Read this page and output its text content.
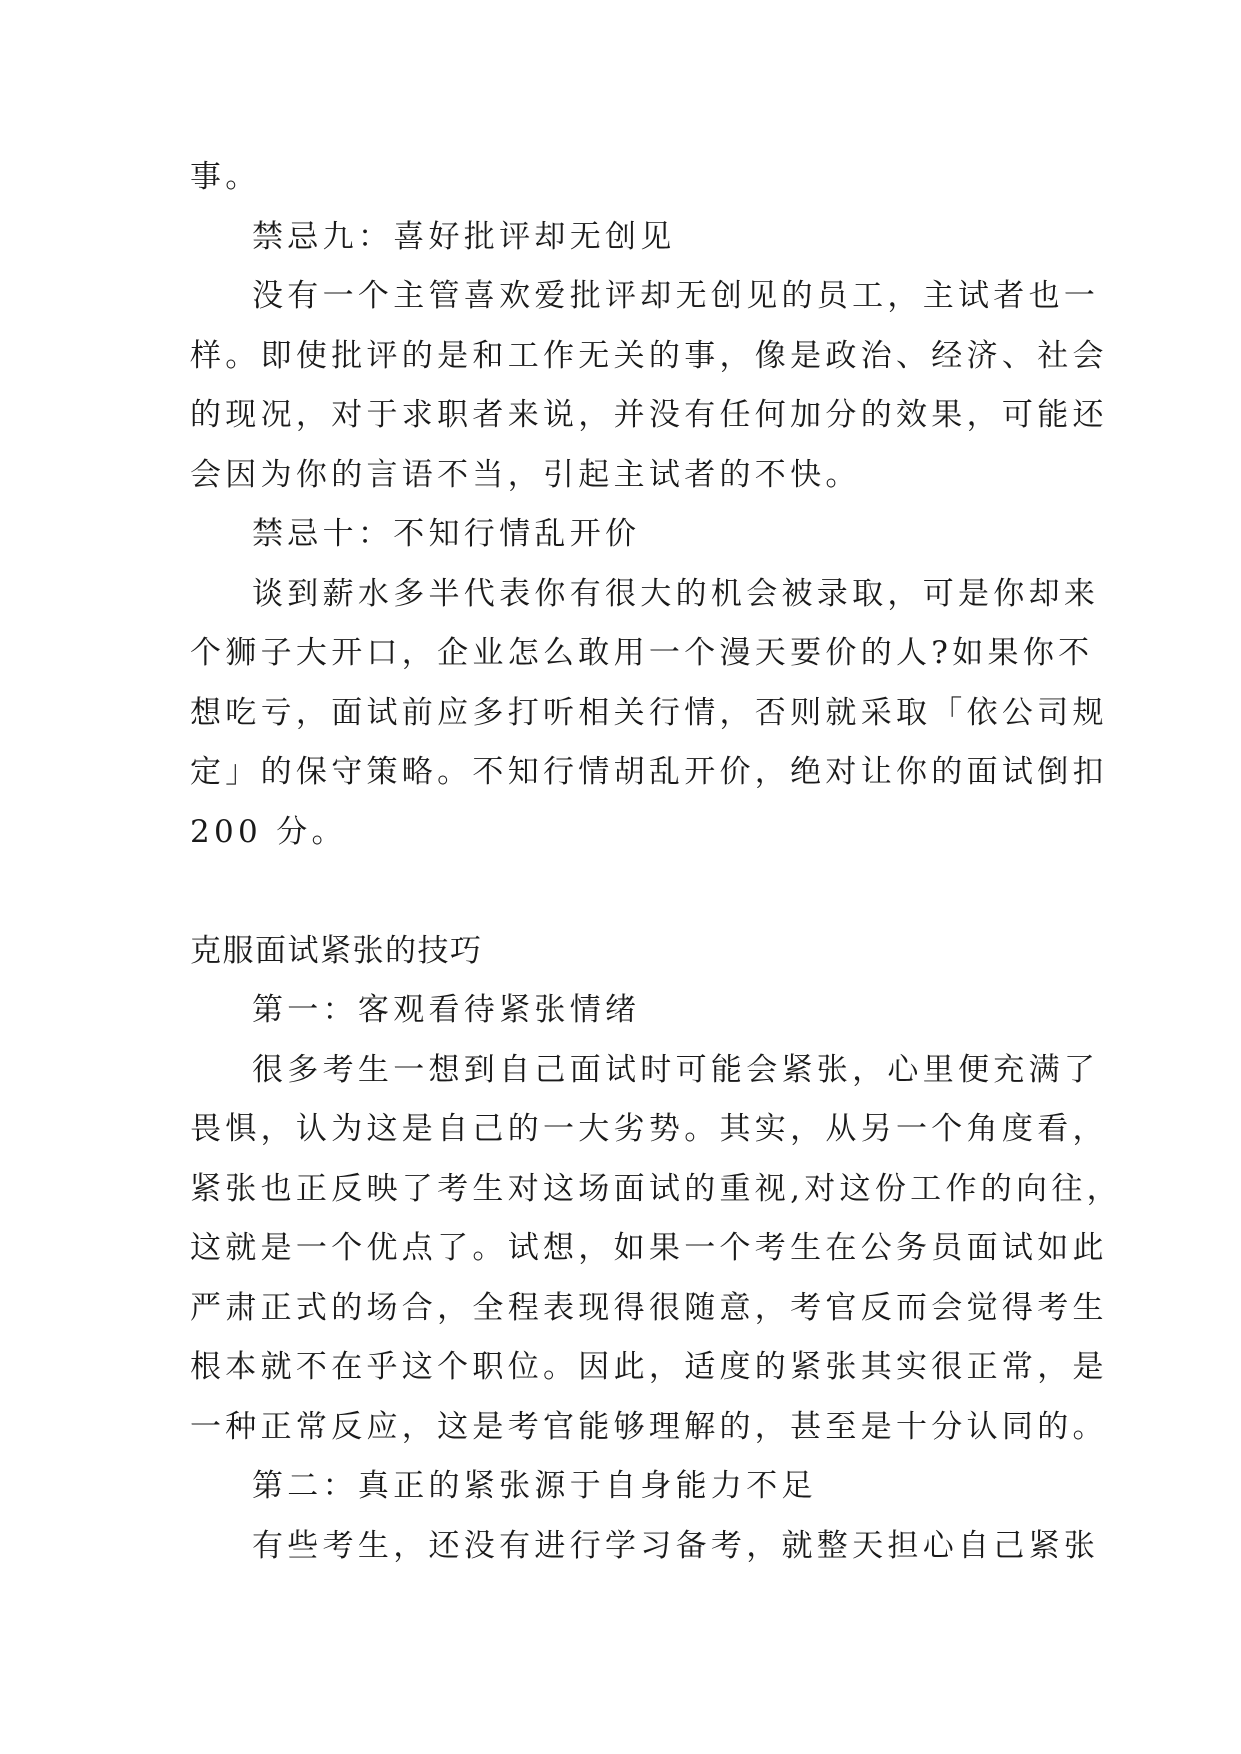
事。

禁忌九：喜好批评却无创见

没有一个主管喜欢爱批评却无创见的员工，主试者也一

样。即使批评的是和工作无关的事，像是政治、经济、社会

的现况，对于求职者来说，并没有任何加分的效果，可能还

会因为你的言语不当，引起主试者的不快。

禁忌十：不知行情乱开价

谈到薪水多半代表你有很大的机会被录取，可是你却来

个狮子大开口，企业怎么敢用一个漫天要价的人?如果你不

想吃亏，面试前应多打听相关行情，否则就采取「依公司规

定」的保守策略。不知行情胡乱开价，绝对让你的面试倒扣

200 分。

克服面试紧张的技巧

第一：客观看待紧张情绪

很多考生一想到自己面试时可能会紧张，心里便充满了

畏惧，认为这是自己的一大劣势。其实，从另一个角度看，

紧张也正反映了考生对这场面试的重视,对这份工作的向往，

这就是一个优点了。试想，如果一个考生在公务员面试如此

严肃正式的场合，全程表现得很随意，考官反而会觉得考生

根本就不在乎这个职位。因此，适度的紧张其实很正常，是

一种正常反应，这是考官能够理解的，甚至是十分认同的。

第二：真正的紧张源于自身能力不足

有些考生，还没有进行学习备考，就整天担心自己紧张
